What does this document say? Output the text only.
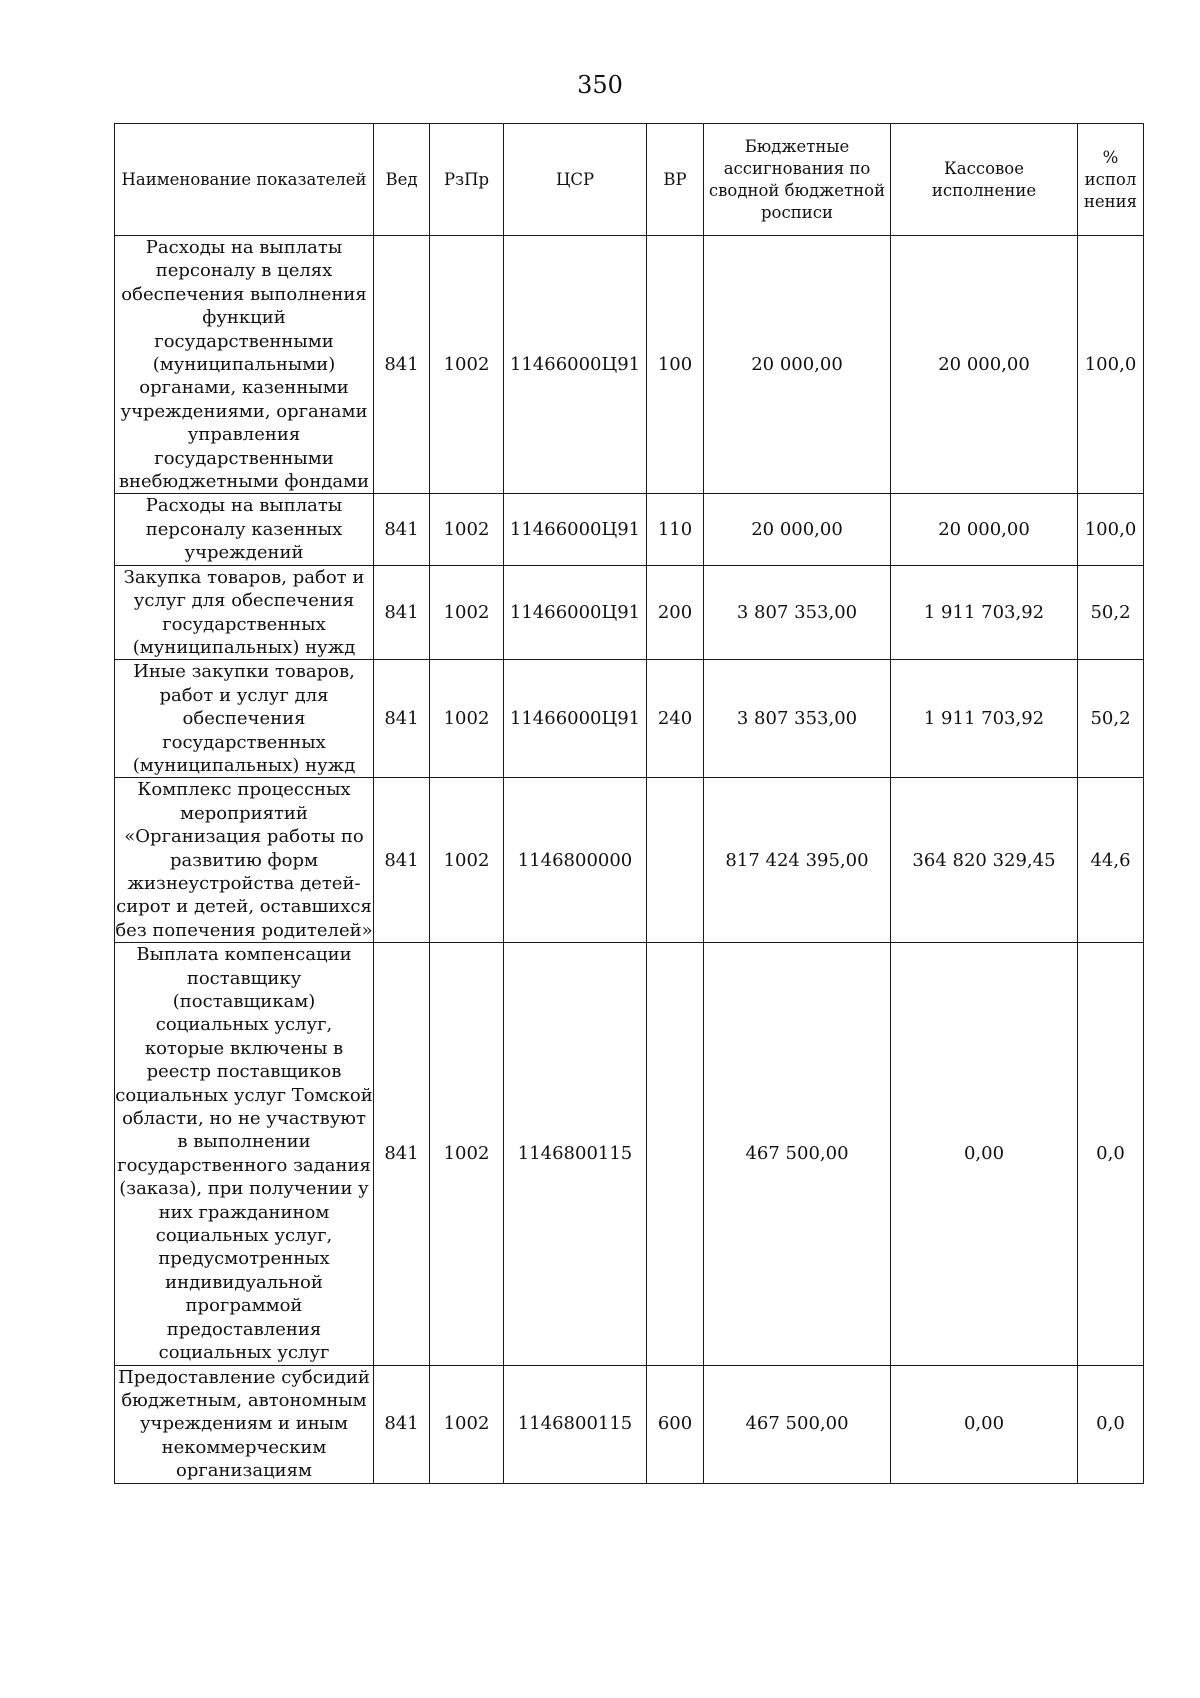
350
Наименование показателей	Вед	РзПр	ЦСР	ВР	Бюджетные ассигнования по сводной бюджетной росписи	Кассовое исполнение	% испол нения
Расходы на выплаты персоналу в целях обеспечения выполнения функций государственными (муниципальными) органами, казенными учреждениями, органами управления государственными внебюджетными фондами	841	1002	11466000Ц91	100	20 000,00	20 000,00	100,0
Расходы на выплаты персоналу казенных учреждений	841	1002	11466000Ц91	110	20 000,00	20 000,00	100,0
Закупка товаров, работ и услуг для обеспечения государственных (муниципальных) нужд	841	1002	11466000Ц91	200	3 807 353,00	1 911 703,92	50,2
Иные закупки товаров, работ и услуг для обеспечения государственных (муниципальных) нужд	841	1002	11466000Ц91	240	3 807 353,00	1 911 703,92	50,2
Комплекс процессных мероприятий «Организация работы по развитию форм жизнеустройства детей-сирот и детей, оставшихся без попечения родителей»	841	1002	1146800000		817 424 395,00	364 820 329,45	44,6
Выплата компенсации поставщику (поставщикам) социальных услуг, которые включены в реестр поставщиков социальных услуг Томской области, но не участвуют в выполнении государственного задания (заказа), при получении у них гражданином социальных услуг, предусмотренных индивидуальной программой предоставления социальных услуг	841	1002	1146800115		467 500,00	0,00	0,0
Предоставление субсидий бюджетным, автономным учреждениям и иным некоммерческим организациям	841	1002	1146800115	600	467 500,00	0,00	0,0
